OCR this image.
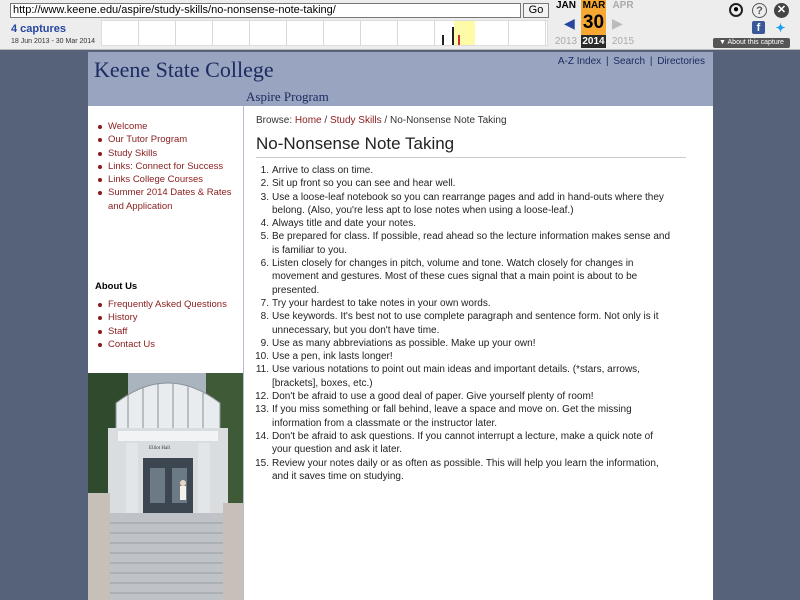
http://www.keene.edu/aspire/study-skills/no-nonsense-note-taking/	Go
4 captures
18 Jun 2013 - 30 Mar 2014
JAN MAR APR
30
2013 2014 2015
◀	▶
●	?	✕
f	✦
▼ About this capture
Keene State College	A-Z Index | Search | Directories
Aspire Program
Welcome
Our Tutor Program
Study Skills
Links: Connect for Success
Links College Courses
Summer 2014 Dates & Rates
and Application
About Us
Frequently Asked Questions
History
Staff
Contact Us
Elliot Hall
Browse: Home / Study Skills / No-Nonsense Note Taking
No-Nonsense Note Taking
1. Arrive to class on time.
2. Sit up front so you can see and hear well.
3. Use a loose-leaf notebook so you can rearrange pages and add in hand-outs where they
belong. (Also, you're less apt to lose notes when using a loose-leaf.)
4. Always title and date your notes.
5. Be prepared for class. If possible, read ahead so the lecture information makes sense and
is familiar to you.
6. Listen closely for changes in pitch, volume and tone. Watch closely for changes in
movement and gestures. Most of these cues signal that a main point is about to be
presented.
7. Try your hardest to take notes in your own words.
8. Use keywords. It's best not to use complete paragraph and sentence form. Not only is it
unnecessary, but you don't have time.
9. Use as many abbreviations as possible. Make up your own!
10. Use a pen, ink lasts longer!
11. Use various notations to point out main ideas and important details. (*stars, arrows,
[brackets], boxes, etc.)
12. Don't be afraid to use a good deal of paper. Give yourself plenty of room!
13. If you miss something or fall behind, leave a space and move on. Get the missing
information from a classmate or the instructor later.
14. Don't be afraid to ask questions. If you cannot interrupt a lecture, make a quick note of
your question and ask it later.
15. Review your notes daily or as often as possible. This will help you learn the information,
and it saves time on studying.
